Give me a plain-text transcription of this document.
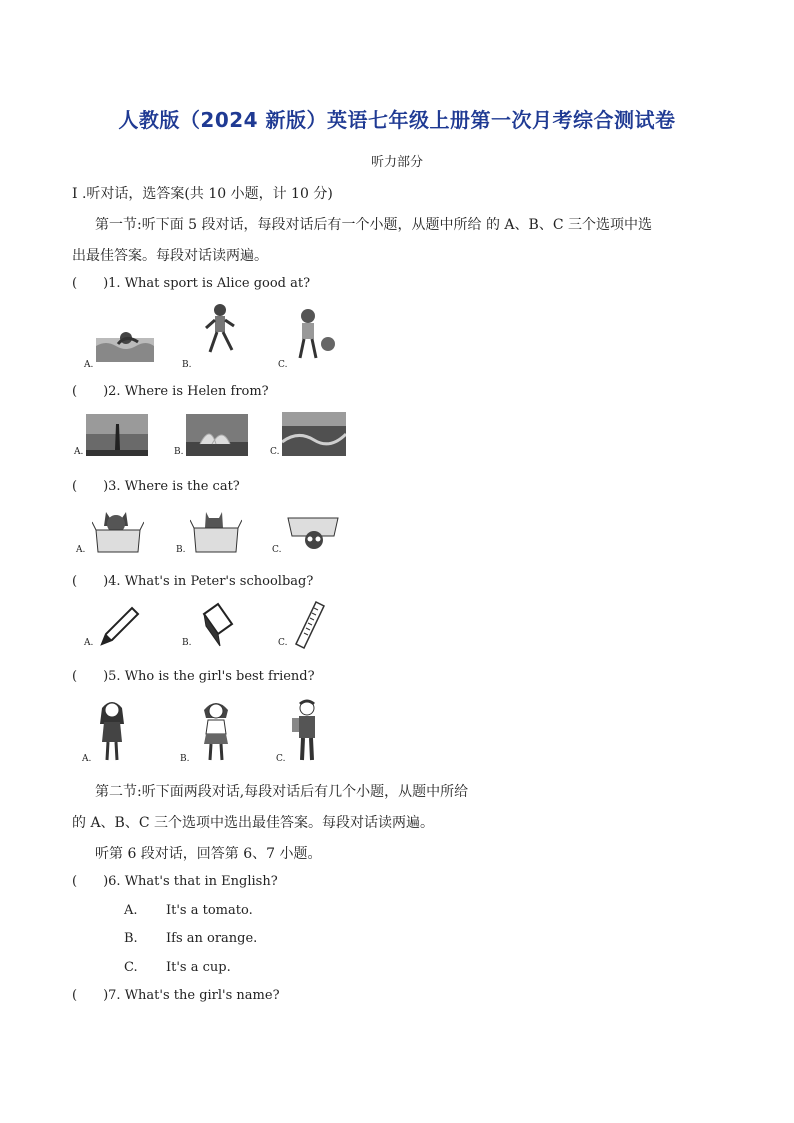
人教版（2024 新版）英语七年级上册第一次月考综合测试卷
听力部分
I .听对话，选答案(共 10 小题，计 10 分)
第一节:听下面 5 段对话，每段对话后有一个小题，从题中所给 的 A、B、C 三个选项中选
出最佳答案。每段对话读两遍。
( )1. What sport is Alice good at?
A.	B.	C.
( )2. Where is Helen from?
A.	B.	C.
( )3. Where is the cat?
A.	B.	C.
( )4. What's in Peter's schoolbag?
A.	B.	C.
( )5. Who is the girl's best friend?
A.	B.	C.
第二节:听下面两段对话,每段对话后有几个小题，从题中所给
的 A、B、C 三个选项中选出最佳答案。每段对话读两遍。
听第 6 段对话，回答第 6、7 小题。
( )6. What's that in English?
A. It's a tomato.
B. Ifs an orange.
C. It's a cup.
( )7. What's the girl's name?
